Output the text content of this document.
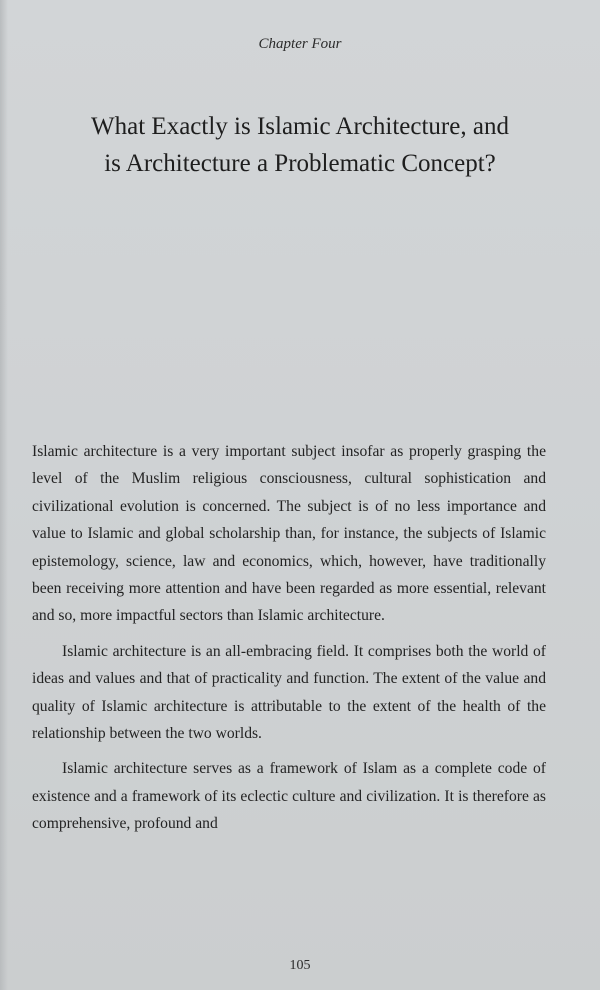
Chapter Four
What Exactly is Islamic Architecture, and
is Architecture a Problematic Concept?

Islamic architecture is a very important subject insofar as properly grasping the level of the Muslim religious consciousness, cultural sophistication and civilizational evolution is concerned. The subject is of no less importance and value to Islamic and global scholarship than, for instance, the subjects of Islamic epistemology, science, law and economics, which, however, have traditionally been receiving more attention and have been regarded as more essential, relevant and so, more impactful sectors than Islamic architecture.

Islamic architecture is an all-embracing field. It comprises both the world of ideas and values and that of practicality and function. The extent of the value and quality of Islamic architecture is attributable to the extent of the health of the relationship between the two worlds.

Islamic architecture serves as a framework of Islam as a complete code of existence and a framework of its eclectic culture and civilization. It is therefore as comprehensive, profound and

105
